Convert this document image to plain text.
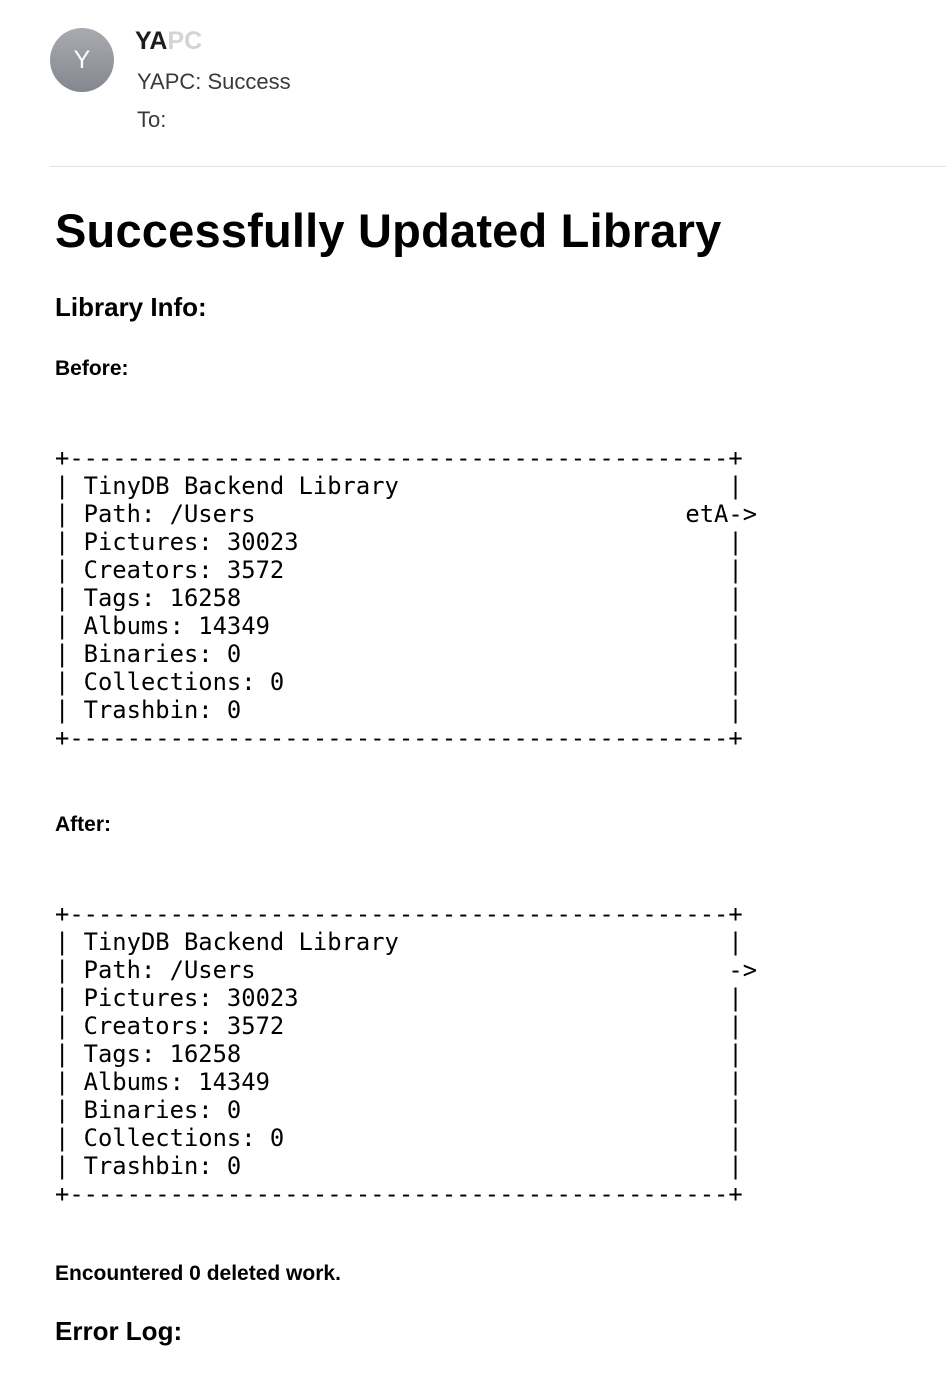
Y
YAPC
YAPC: Success
To:
Successfully Updated Library
Library Info:
Before:
+----------------------------------------------+
| TinyDB Backend Library                       |
| Path: /Users                              etA->
| Pictures: 30023                              |
| Creators: 3572                               |
| Tags: 16258                                  |
| Albums: 14349                                |
| Binaries: 0                                  |
| Collections: 0                               |
| Trashbin: 0                                  |
+----------------------------------------------+
After:
+----------------------------------------------+
| TinyDB Backend Library                       |
| Path: /Users                                 ->
| Pictures: 30023                              |
| Creators: 3572                               |
| Tags: 16258                                  |
| Albums: 14349                                |
| Binaries: 0                                  |
| Collections: 0                               |
| Trashbin: 0                                  |
+----------------------------------------------+
Encountered 0 deleted work.
Error Log:
